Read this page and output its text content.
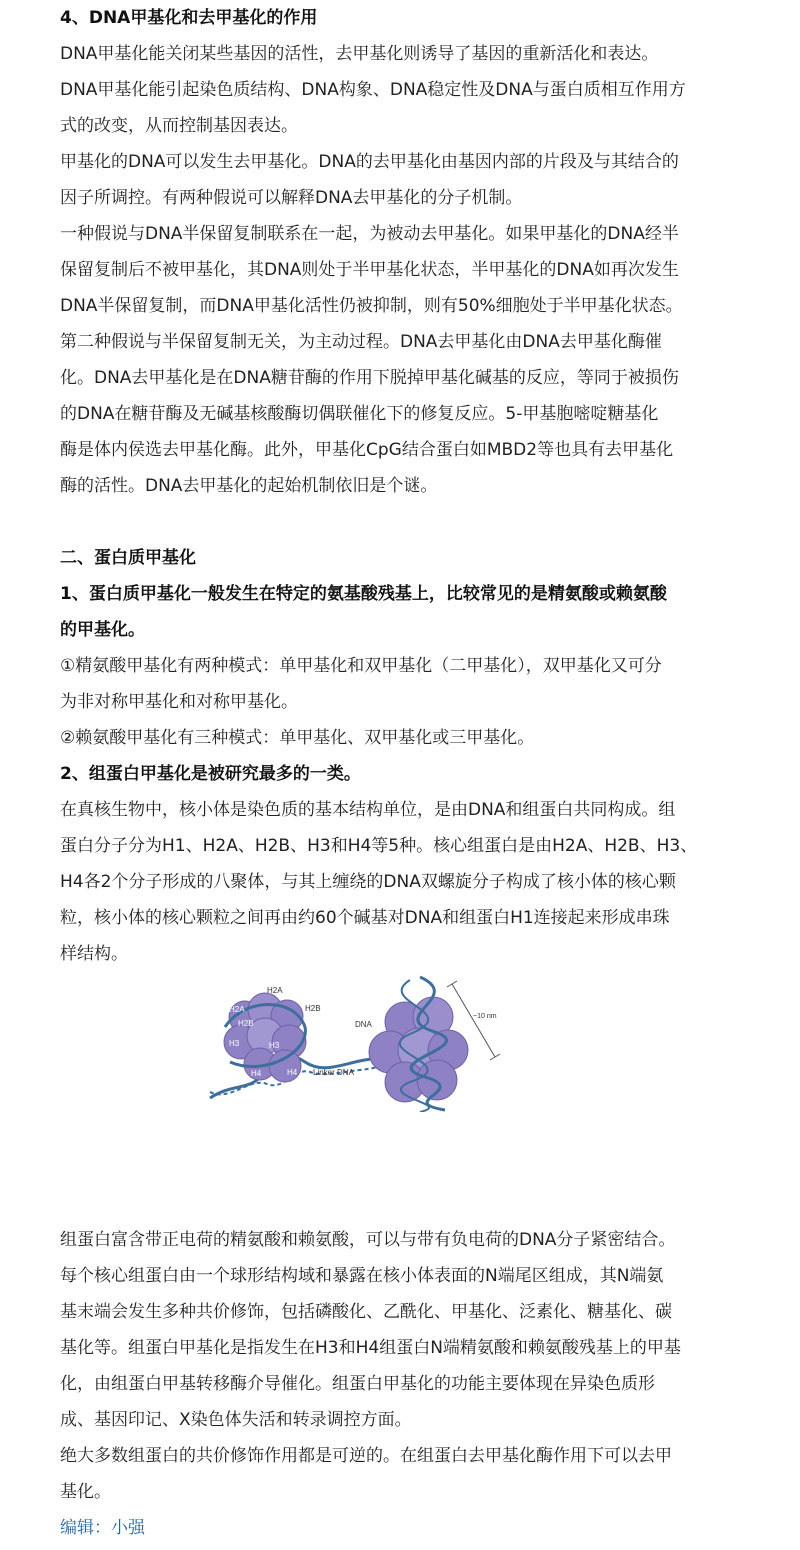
4、DNA甲基化和去甲基化的作用
DNA甲基化能关闭某些基因的活性，去甲基化则诱导了基因的重新活化和表达。
DNA甲基化能引起染色质结构、DNA构象、DNA稳定性及DNA与蛋白质相互作用方
式的改变，从而控制基因表达。
甲基化的DNA可以发生去甲基化。DNA的去甲基化由基因内部的片段及与其结合的
因子所调控。有两种假说可以解释DNA去甲基化的分子机制。
一种假说与DNA半保留复制联系在一起，为被动去甲基化。如果甲基化的DNA经半
保留复制后不被甲基化，其DNA则处于半甲基化状态，半甲基化的DNA如再次发生
DNA半保留复制，而DNA甲基化活性仍被抑制，则有50%细胞处于半甲基化状态。
第二种假说与半保留复制无关，为主动过程。DNA去甲基化由DNA去甲基化酶催
化。DNA去甲基化是在DNA糖苷酶的作用下脱掉甲基化碱基的反应，等同于被损伤
的DNA在糖苷酶及无碱基核酸酶切偶联催化下的修复反应。5-甲基胞嘧啶糖基化
酶是体内侯选去甲基化酶。此外，甲基化CpG结合蛋白如MBD2等也具有去甲基化
酶的活性。DNA去甲基化的起始机制依旧是个谜。
二、蛋白质甲基化
1、蛋白质甲基化一般发生在特定的氨基酸残基上，比较常见的是精氨酸或赖氨酸
的甲基化。
①精氨酸甲基化有两种模式：单甲基化和双甲基化（二甲基化），双甲基化又可分
为非对称甲基化和对称甲基化。
②赖氨酸甲基化有三种模式：单甲基化、双甲基化或三甲基化。
2、组蛋白甲基化是被研究最多的一类。
在真核生物中，核小体是染色质的基本结构单位，是由DNA和组蛋白共同构成。组
蛋白分子分为H1、H2A、H2B、H3和H4等5种。核心组蛋白是由H2A、H2B、H3、
H4各2个分子形成的八聚体，与其上缠绕的DNA双螺旋分子构成了核小体的核心颗
粒，核小体的核心颗粒之间再由约60个碱基对DNA和组蛋白H1连接起来形成串珠
样结构。
H2A
H2A
H2B
H2B
H3	H3
H4	H4
DNA
Linker DNA
~10 nm
组蛋白富含带正电荷的精氨酸和赖氨酸，可以与带有负电荷的DNA分子紧密结合。
每个核心组蛋白由一个球形结构域和暴露在核小体表面的N端尾区组成，其N端氨
基末端会发生多种共价修饰，包括磷酸化、乙酰化、甲基化、泛素化、糖基化、碳
基化等。组蛋白甲基化是指发生在H3和H4组蛋白N端精氨酸和赖氨酸残基上的甲基
化，由组蛋白甲基转移酶介导催化。组蛋白甲基化的功能主要体现在异染色质形
成、基因印记、X染色体失活和转录调控方面。
绝大多数组蛋白的共价修饰作用都是可逆的。在组蛋白去甲基化酶作用下可以去甲
基化。
编辑：小强
